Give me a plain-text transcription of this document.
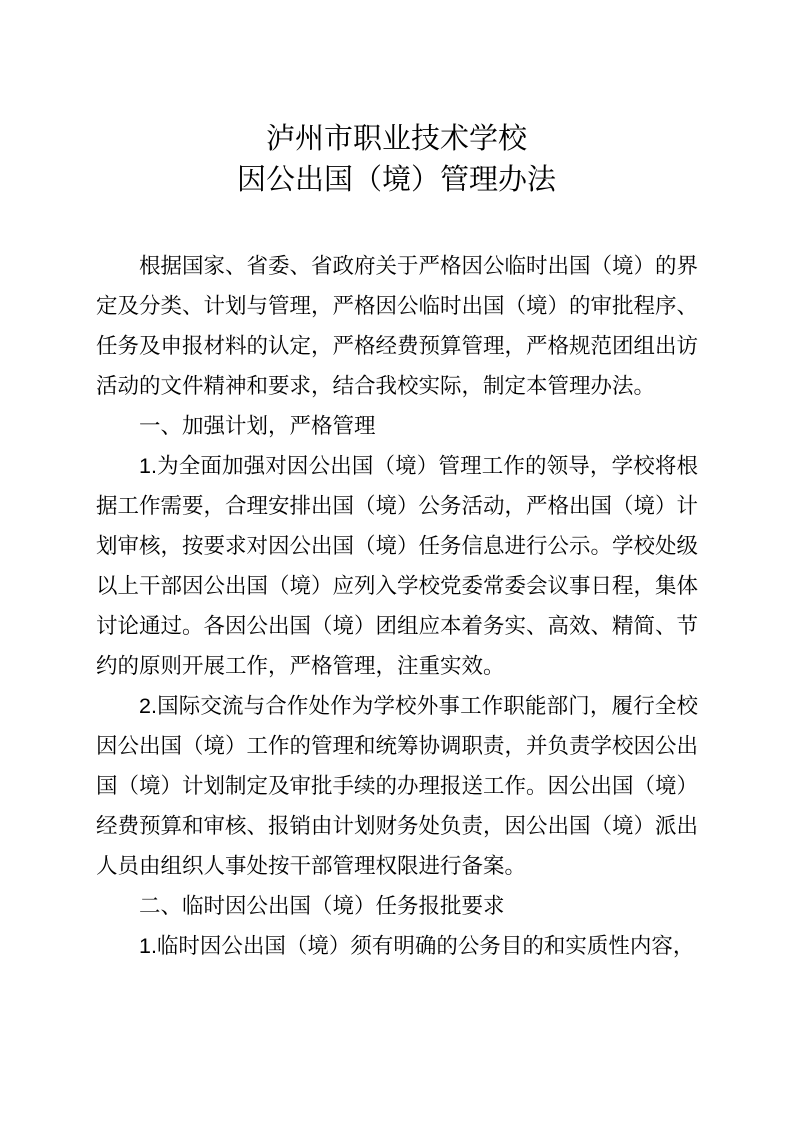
泸州市职业技术学校
因公出国（境）管理办法

根据国家、省委、省政府关于严格因公临时出国（境）的界定及分类、计划与管理，严格因公临时出国（境）的审批程序、任务及申报材料的认定，严格经费预算管理，严格规范团组出访活动的文件精神和要求，结合我校实际，制定本管理办法。

一、加强计划，严格管理

1.为全面加强对因公出国（境）管理工作的领导，学校将根据工作需要，合理安排出国（境）公务活动，严格出国（境）计划审核，按要求对因公出国（境）任务信息进行公示。学校处级以上干部因公出国（境）应列入学校党委常委会议事日程，集体讨论通过。各因公出国（境）团组应本着务实、高效、精简、节约的原则开展工作，严格管理，注重实效。

2.国际交流与合作处作为学校外事工作职能部门，履行全校因公出国（境）工作的管理和统筹协调职责，并负责学校因公出国（境）计划制定及审批手续的办理报送工作。因公出国（境）经费预算和审核、报销由计划财务处负责，因公出国（境）派出人员由组织人事处按干部管理权限进行备案。

二、临时因公出国（境）任务报批要求

1.临时因公出国（境）须有明确的公务目的和实质性内容，
